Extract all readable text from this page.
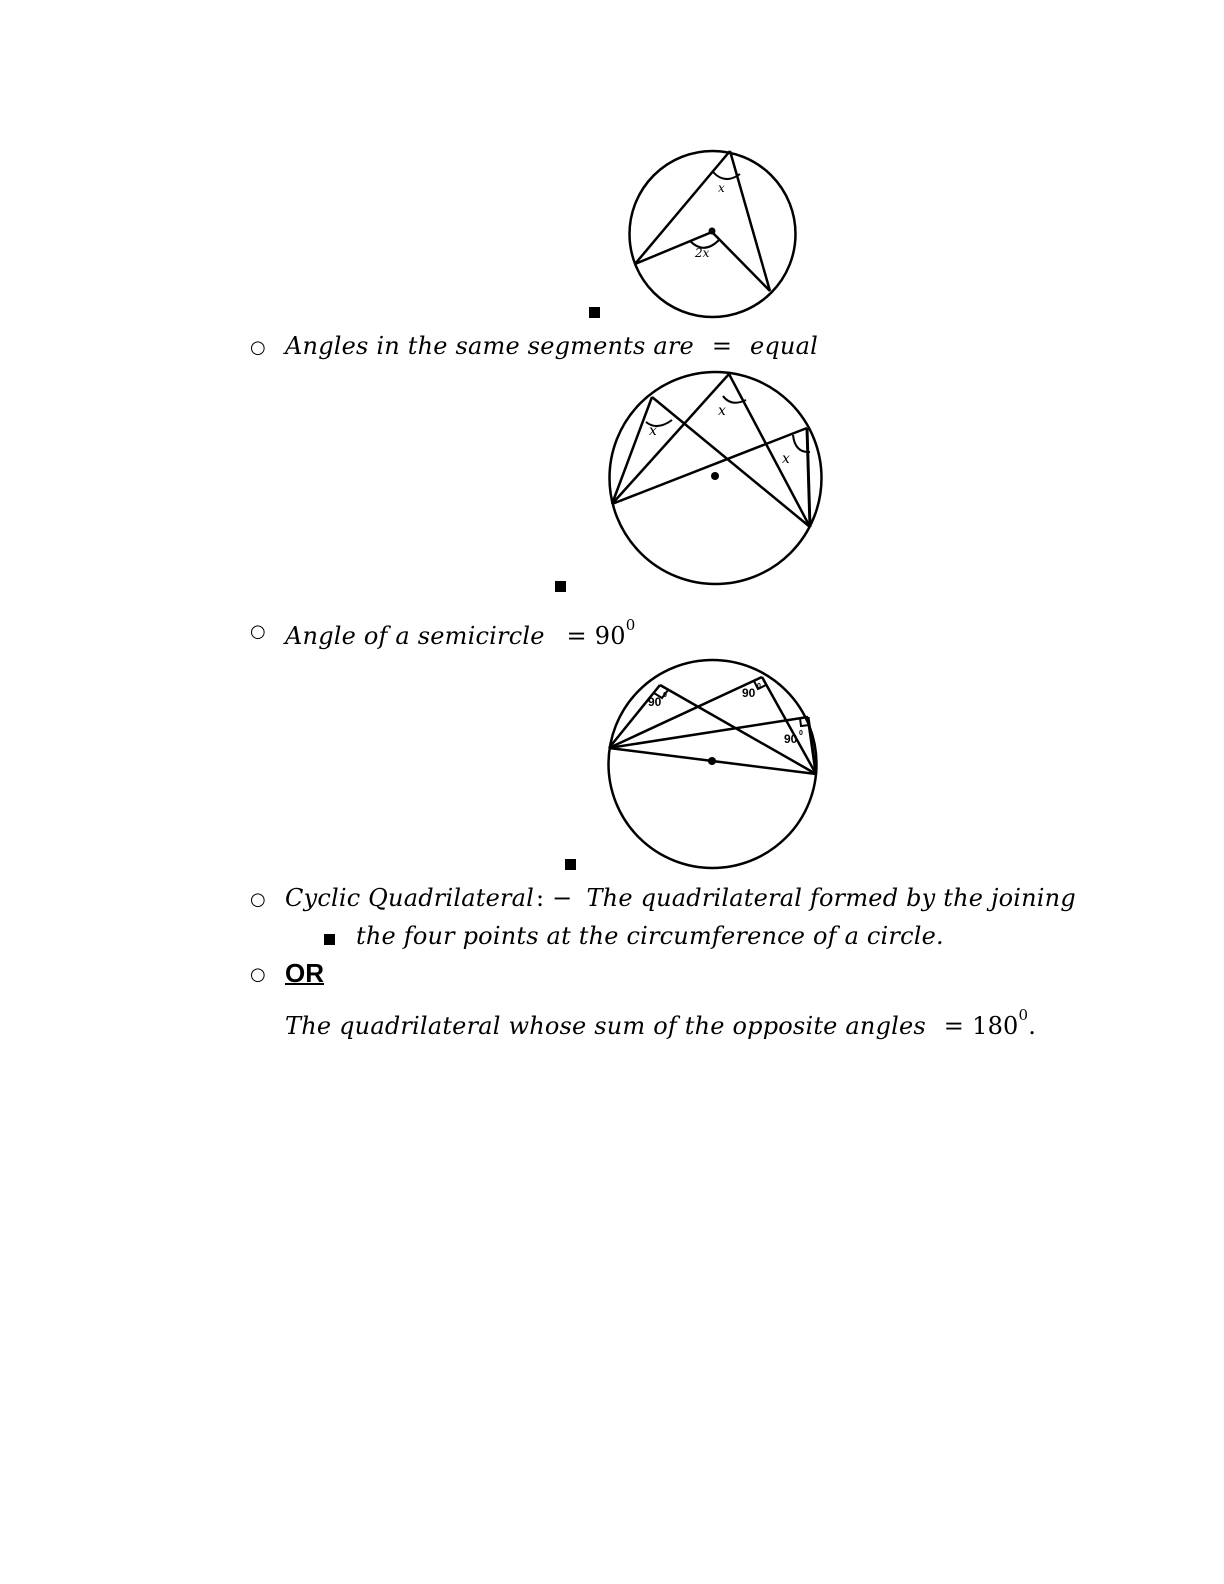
x
2x
○ Angles in the same segments are = equal
x
x
x
○ Angle of a semicircle = $90^0$
90 0	90 0
90 0
○ Cyclic Quadrilateral: − The quadrilateral formed by the joining
the four points at the circumference of a circle.
○ OR
The quadrilateral whose sum of the opposite angles = $180^0$.
